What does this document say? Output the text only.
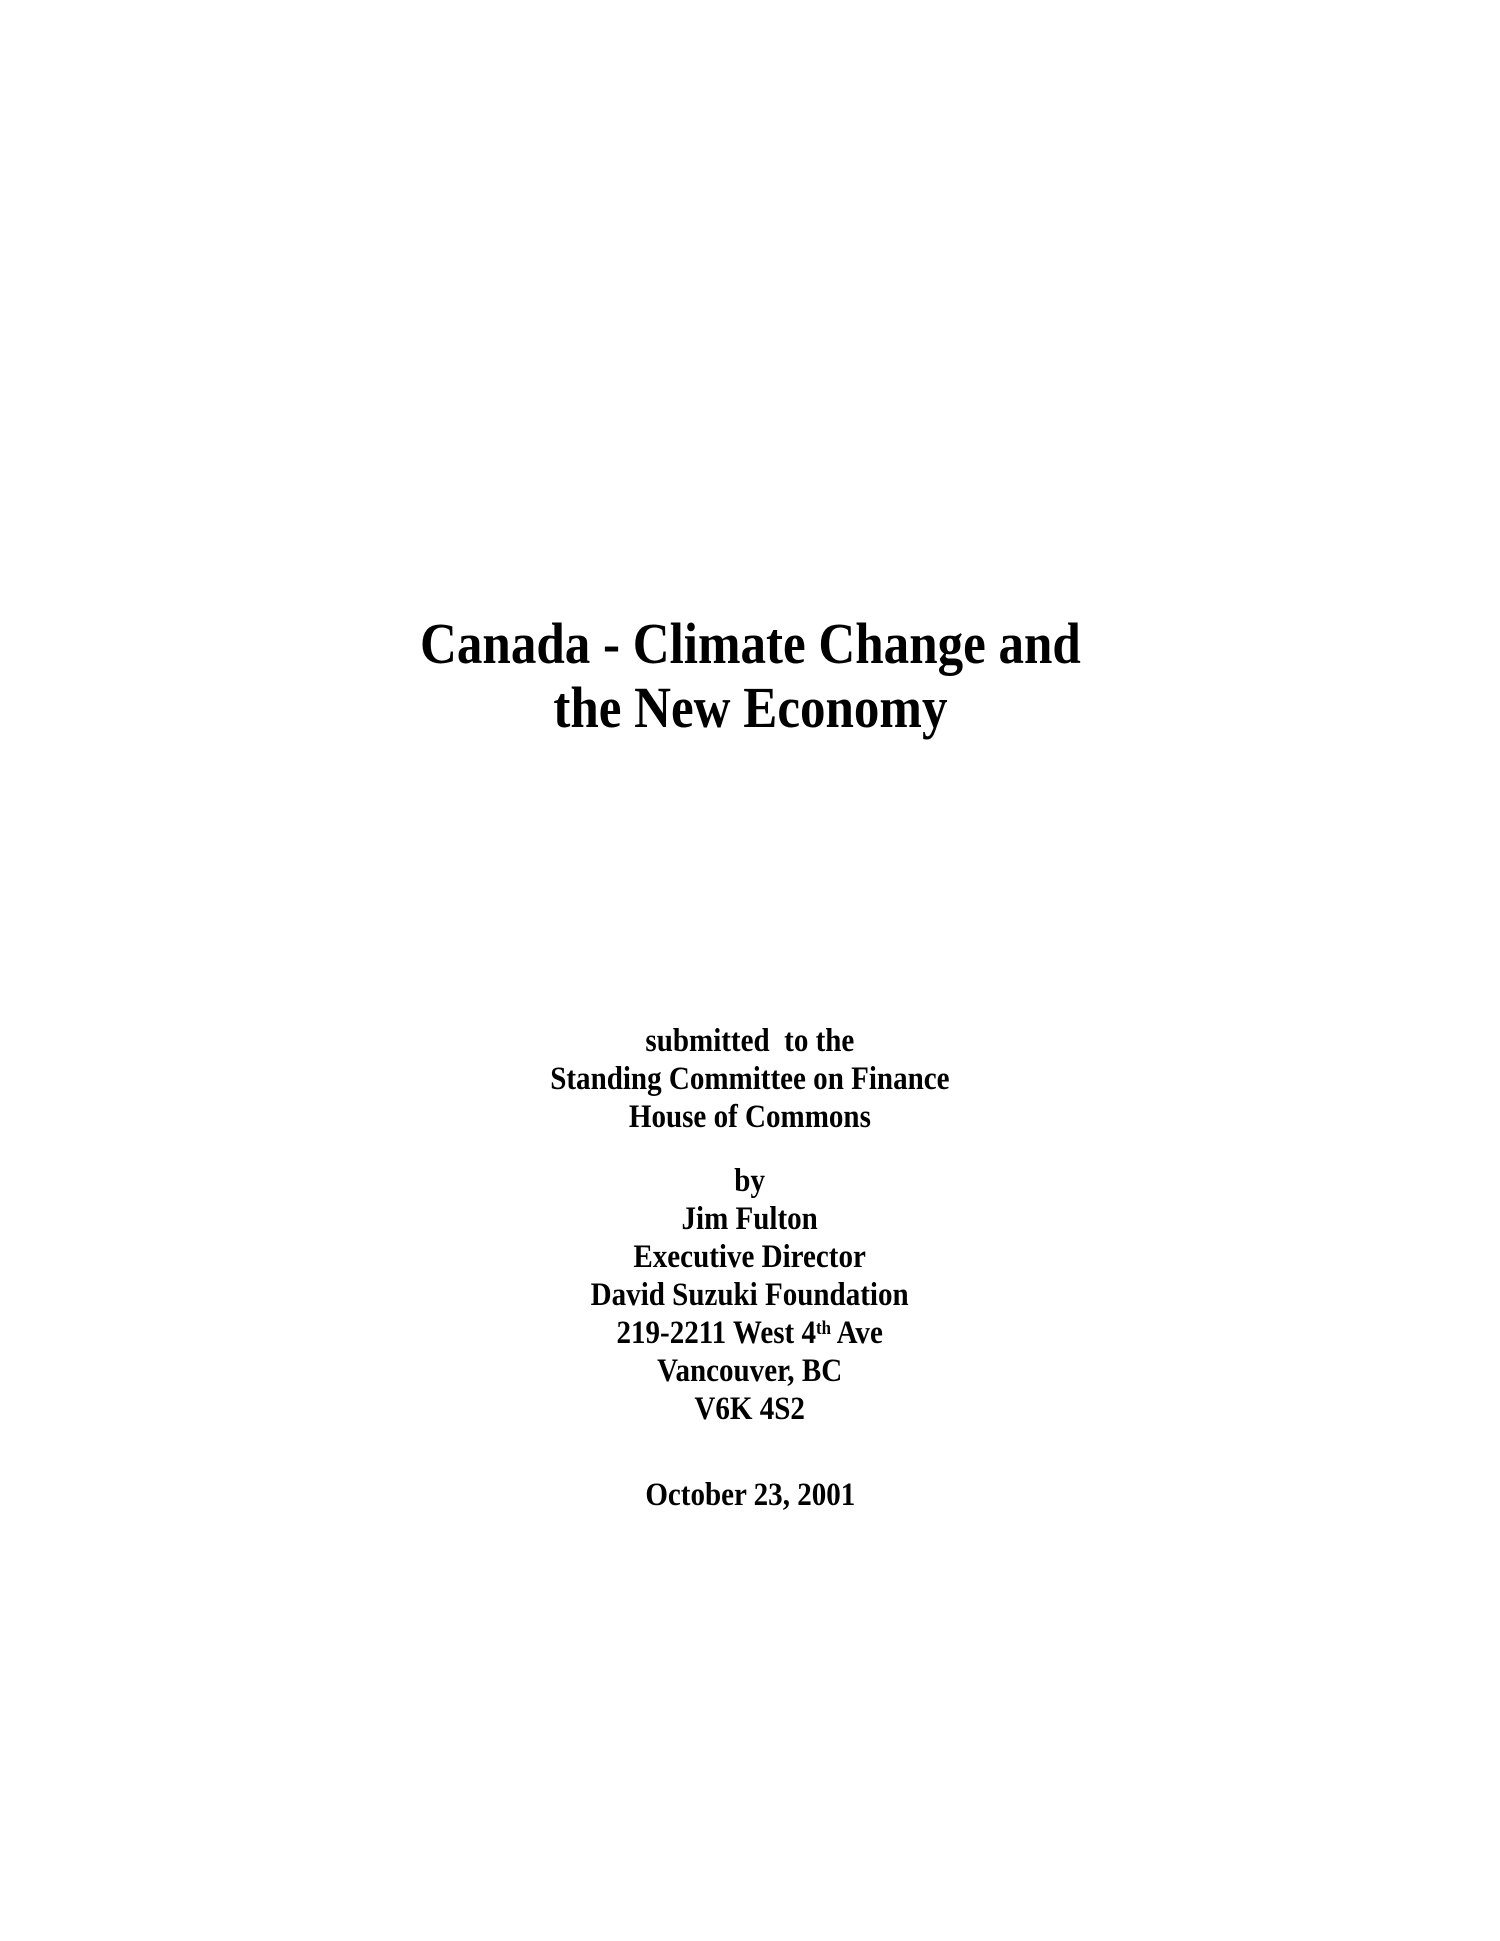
Canada - Climate Change and
the New Economy
submitted  to the
Standing Committee on Finance
House of Commons
by
Jim Fulton
Executive Director
David Suzuki Foundation
219-2211 West 4th Ave
Vancouver, BC
V6K 4S2
October 23, 2001
